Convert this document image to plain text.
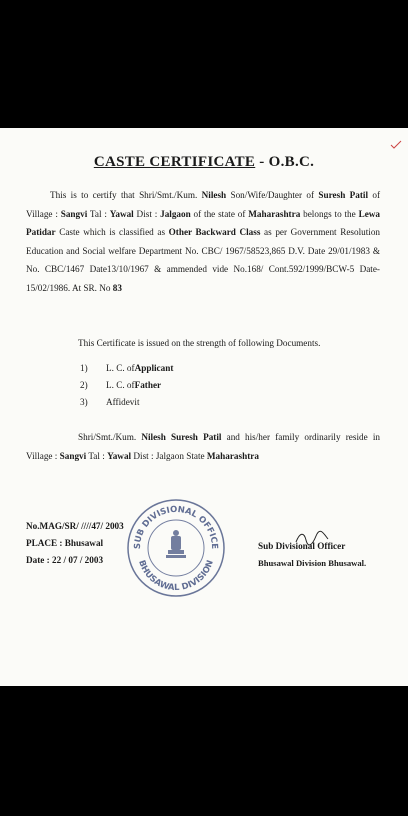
CASTE CERTIFICATE - O.B.C.
This is to certify that Shri/Smt./Kum. Nilesh Son/Wife/Daughter of Suresh Patil of Village : Sangvi Tal : Yawal Dist : Jalgaon of the state of Maharashtra belongs to the Lewa Patidar Caste which is classified as Other Backward Class as per Government Resolution Education and Social welfare Department No. CBC/ 1967/58523,865 D.V. Date 29/01/1983 & No. CBC/1467 Date13/10/1967 & ammended vide No.168/ Cont.592/1999/BCW-5 Date-15/02/1986. At SR. No 83
This Certificate is issued on the strength of following Documents.
1)	L. C. of Applicant
2)	L. C. of Father
3)	Affidevit
Shri/Smt./Kum. Nilesh Suresh Patil and his/her family ordinarily reside in Village : Sangvi Tal : Yawal Dist : Jalgaon State Maharashtra
No.MAG/SR/ ////47/ 2003
PLACE : Bhusawal
Date : 22 / 07 / 2003
SUB DIVISIONAL OFFICE
BHUSAWAL DIVISION
Sub Divisional Officer
Bhusawal Division Bhusawal.
